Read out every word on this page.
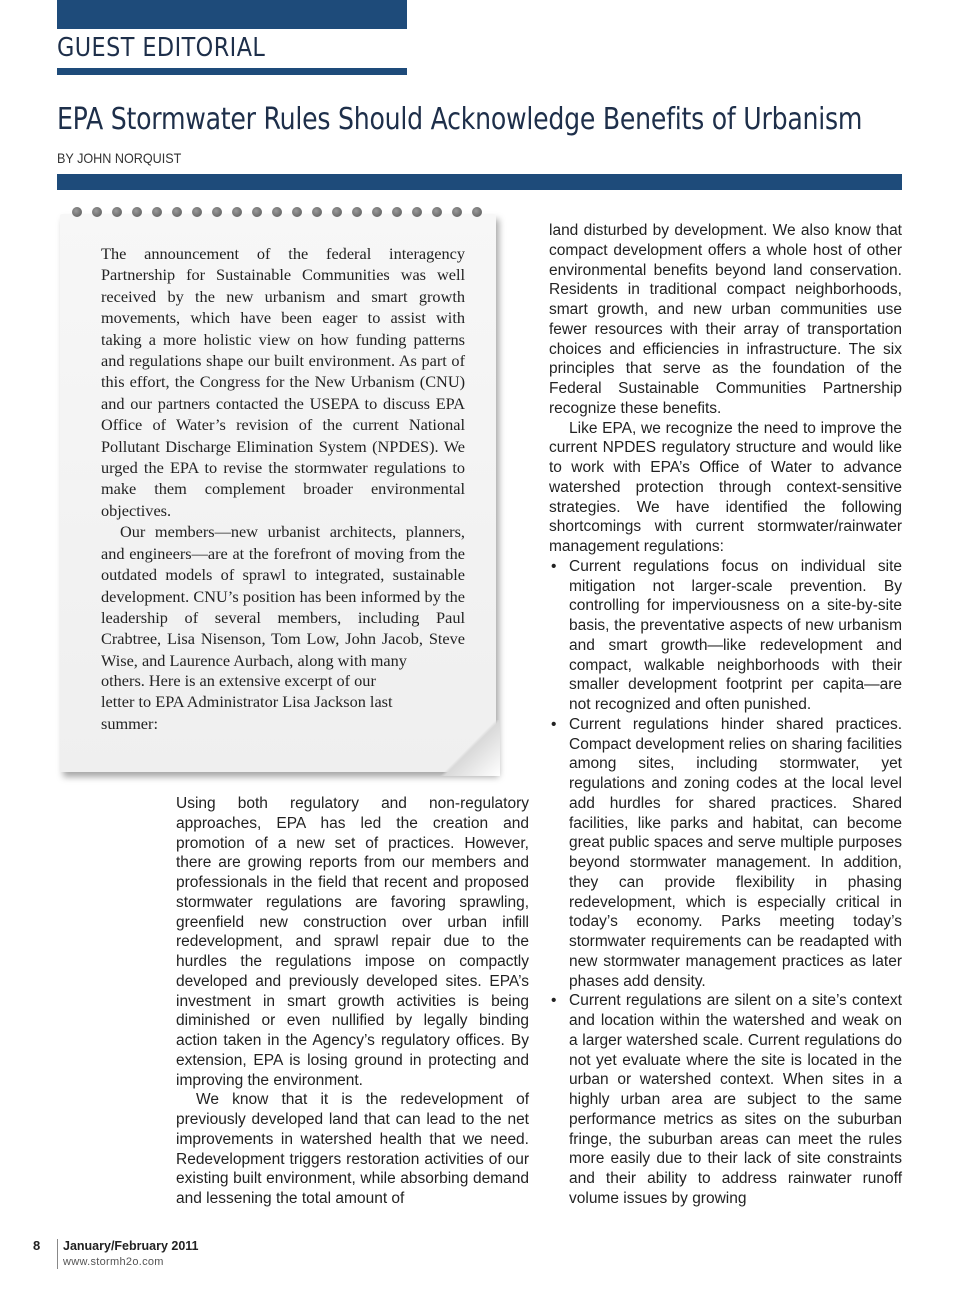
GUEST EDITORIAL
EPA Stormwater Rules Should Acknowledge Benefits of Urbanism
BY JOHN NORQUIST

The announcement of the federal interagency Partnership for Sustainable Communities was well received by the new urbanism and smart growth movements, which have been eager to assist with taking a more holistic view on how funding patterns and regulations shape our built environment. As part of this effort, the Congress for the New Urbanism (CNU) and our partners contacted the USEPA to discuss EPA Office of Water’s revision of the current National Pollutant Discharge Elimination System (NPDES). We urged the EPA to revise the stormwater regulations to make them complement broader environmental objectives.

Our members—new urbanist architects, planners, and engineers—are at the forefront of moving from the outdated models of sprawl to integrated, sustainable development. CNU’s position has been informed by the leadership of several members, including Paul Crabtree, Lisa Nisenson, Tom Low, John Jacob, Steve Wise, and Laurence Aurbach, along with many

others. Here is an extensive excerpt of our letter to EPA Administrator Lisa Jackson last summer:

Using both regulatory and non-regulatory approaches, EPA has led the creation and promotion of a new set of practices. However, there are growing reports from our members and professionals in the field that recent and proposed stormwater regulations are favoring sprawling, greenfield new construction over urban infill redevelopment, and sprawl repair due to the hurdles the regulations impose on compactly developed and previously developed sites. EPA’s investment in smart growth activities is being diminished or even nullified by legally binding action taken in the Agency’s regulatory offices. By extension, EPA is losing ground in protecting and improving the environment.

We know that it is the redevelopment of previously developed land that can lead to the net improvements in watershed health that we need. Redevelopment triggers restoration activities of our existing built environment, while absorbing demand and lessening the total amount of

land disturbed by development. We also know that compact development offers a whole host of other environmental benefits beyond land conservation. Residents in traditional compact neighborhoods, smart growth, and new urban communities use fewer resources with their array of transportation choices and efficiencies in infrastructure. The six principles that serve as the foundation of the Federal Sustainable Communities Partnership recognize these benefits.

Like EPA, we recognize the need to improve the current NPDES regulatory structure and would like to work with EPA’s Office of Water to advance watershed protection through context-sensitive strategies. We have identified the following shortcomings with current stormwater/rainwater management regulations:

• Current regulations focus on individual site mitigation not larger-scale prevention. By controlling for imperviousness on a site-by-site basis, the preventative aspects of new urbanism and smart growth—like redevelopment and compact, walkable neighborhoods with their smaller development footprint per capita—are not recognized and often punished.
• Current regulations hinder shared practices. Compact development relies on sharing facilities among sites, including stormwater, yet regulations and zoning codes at the local level add hurdles for shared practices. Shared facilities, like parks and habitat, can become great public spaces and serve multiple purposes beyond stormwater management. In addition, they can provide flexibility in phasing redevelopment, which is especially critical in today’s economy. Parks meeting today’s stormwater requirements can be readapted with new stormwater management practices as later phases add density.
• Current regulations are silent on a site’s context and location within the watershed and weak on a larger watershed scale. Current regulations do not yet evaluate where the site is located in the urban or watershed context. When sites in a highly urban area are subject to the same performance metrics as sites on the suburban fringe, the suburban areas can meet the rules more easily due to their lack of site constraints and their ability to address rainwater runoff volume issues by growing
8 January/February 2011
www.stormh2o.com
